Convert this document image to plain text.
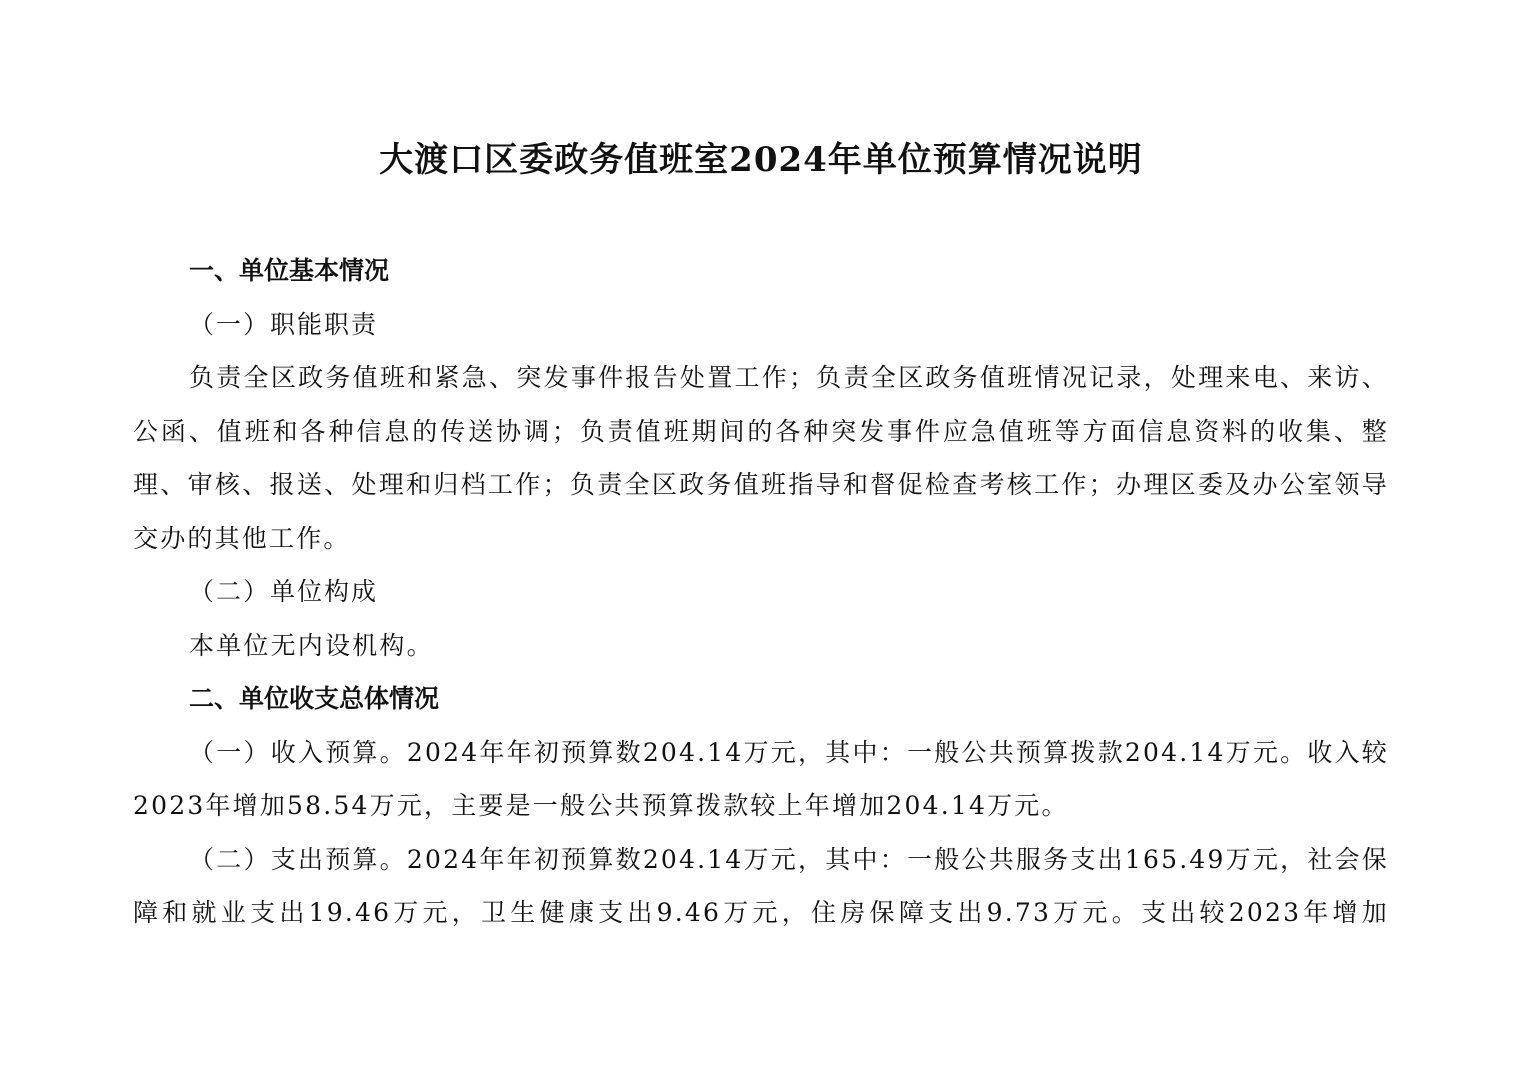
大渡口区委政务值班室2024年单位预算情况说明

一、单位基本情况

（一）职能职责

负责全区政务值班和紧急、突发事件报告处置工作；负责全区政务值班情况记录，处理来电、来访、公函、值班和各种信息的传送协调；负责值班期间的各种突发事件应急值班等方面信息资料的收集、整理、审核、报送、处理和归档工作；负责全区政务值班指导和督促检查考核工作；办理区委及办公室领导交办的其他工作。

（二）单位构成

本单位无内设机构。

二、单位收支总体情况

（一）收入预算。2024年年初预算数204.14万元，其中：一般公共预算拨款204.14万元。收入较2023年增加58.54万元，主要是一般公共预算拨款较上年增加204.14万元。

（二）支出预算。2024年年初预算数204.14万元，其中：一般公共服务支出165.49万元，社会保障和就业支出19.46万元，卫生健康支出9.46万元，住房保障支出9.73万元。支出较2023年增加
